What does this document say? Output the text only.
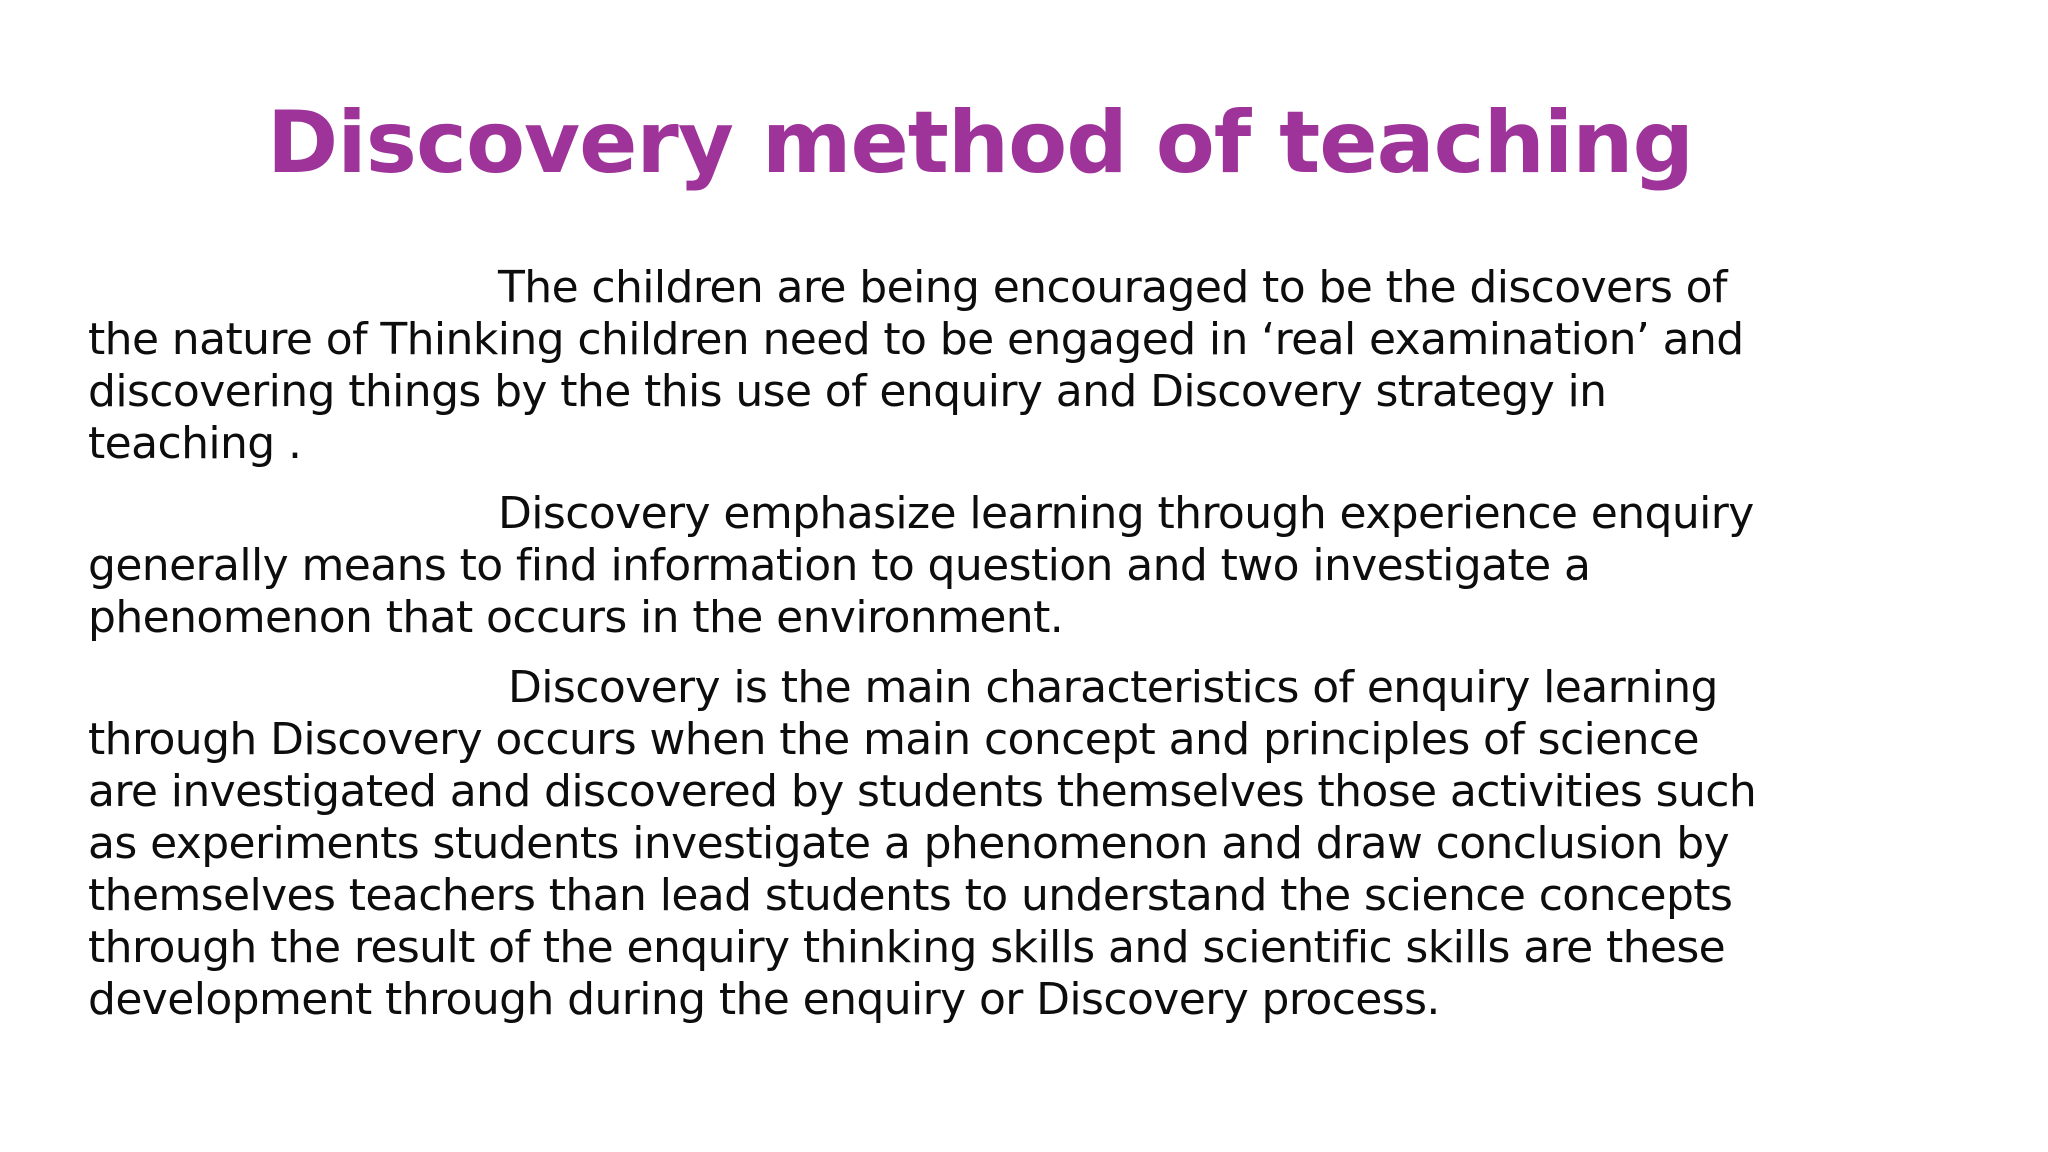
Discovery method of teaching

The children are being encouraged to be the discovers of
the nature of Thinking children need to be engaged in ‘real examination’ and
discovering things by the this use of enquiry and Discovery strategy in
teaching .

Discovery emphasize learning through experience enquiry
generally means to find information to question and two investigate a
phenomenon that occurs in the environment.

Discovery is the main characteristics of enquiry learning
through Discovery occurs when the main concept and principles of science
are investigated and discovered by students themselves those activities such
as experiments students investigate a phenomenon and draw conclusion by
themselves teachers than lead students to understand the science concepts
through the result of the enquiry thinking skills and scientific skills are these
development through during the enquiry or Discovery process.
